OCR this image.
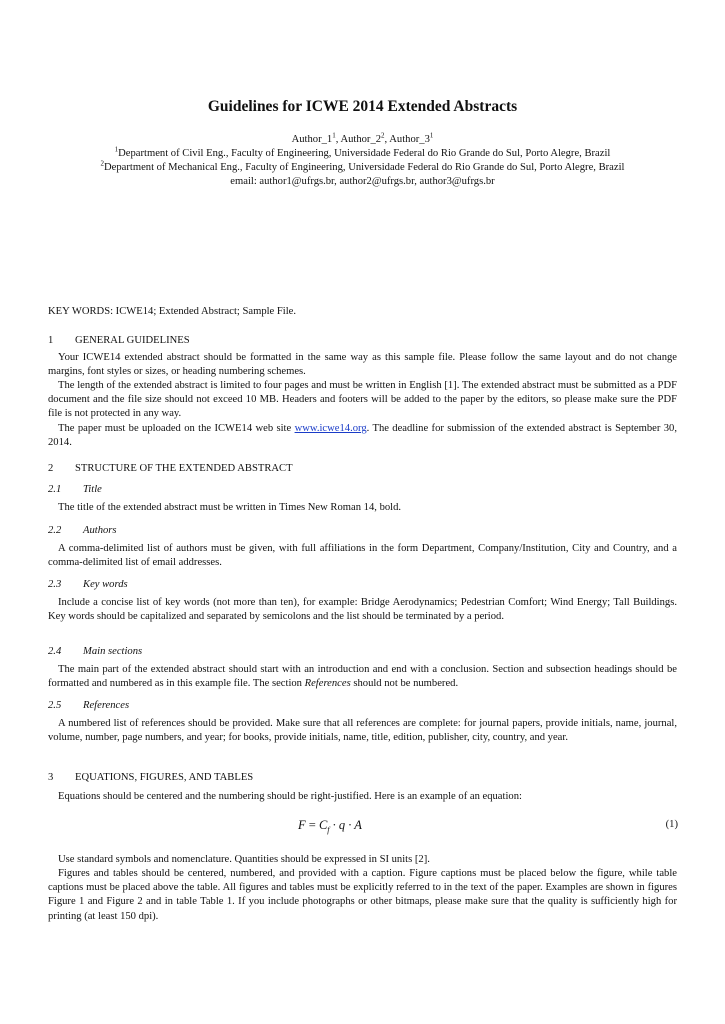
Guidelines for ICWE 2014 Extended Abstracts
$Author\_1^1$, $Author\_2^2$, $Author\_3^1$
$^1$Department of Civil Eng., Faculty of Engineering, Universidade Federal do Rio Grande do Sul, Porto Alegre, Brazil
$^2$Department of Mechanical Eng., Faculty of Engineering, Universidade Federal do Rio Grande do Sul, Porto Alegre, Brazil
email: author1@ufrgs.br, author2@ufrgs.br, author3@ufrgs.br
KEY WORDS: ICWE14; Extended Abstract; Sample File.
1 GENERAL GUIDELINES
Your ICWE14 extended abstract should be formatted in the same way as this sample file. Please follow the same layout and do not change margins, font styles or sizes, or heading numbering schemes.
The length of the extended abstract is limited to four pages and must be written in English [1]. The extended abstract must be submitted as a PDF document and the file size should not exceed 10 MB. Headers and footers will be added to the paper by the editors, so please make sure the PDF file is not protected in any way.
The paper must be uploaded on the ICWE14 web site www.icwe14.org. The deadline for submission of the extended abstract is September 30, 2014.
2 STRUCTURE OF THE EXTENDED ABSTRACT
2.1 Title
The title of the extended abstract must be written in Times New Roman 14, bold.
2.2 Authors
A comma-delimited list of authors must be given, with full affiliations in the form Department, Company/Institution, City and Country, and a comma-delimited list of email addresses.
2.3 Key words
Include a concise list of key words (not more than ten), for example: Bridge Aerodynamics; Pedestrian Comfort; Wind Energy; Tall Buildings. Key words should be capitalized and separated by semicolons and the list should be terminated by a period.
2.4 Main sections
The main part of the extended abstract should start with an introduction and end with a conclusion. Section and subsection headings should be formatted and numbered as in this example file. The section References should not be numbered.
2.5 References
A numbered list of references should be provided. Make sure that all references are complete: for journal papers, provide initials, name, journal, volume, number, page numbers, and year; for books, provide initials, name, title, edition, publisher, city, country, and year.
3 EQUATIONS, FIGURES, AND TABLES
Equations should be centered and the numbering should be right-justified. Here is an example of an equation:
$F = C_f \cdot q \cdot A$	(1)
Use standard symbols and nomenclature. Quantities should be expressed in SI units [2].
Figures and tables should be centered, numbered, and provided with a caption. Figure captions must be placed below the figure, while table captions must be placed above the table. All figures and tables must be explicitly referred to in the text of the paper. Examples are shown in figures Figure 1 and Figure 2 and in table Table 1. If you include photographs or other bitmaps, please make sure that the quality is sufficiently high for printing (at least 150 dpi).
